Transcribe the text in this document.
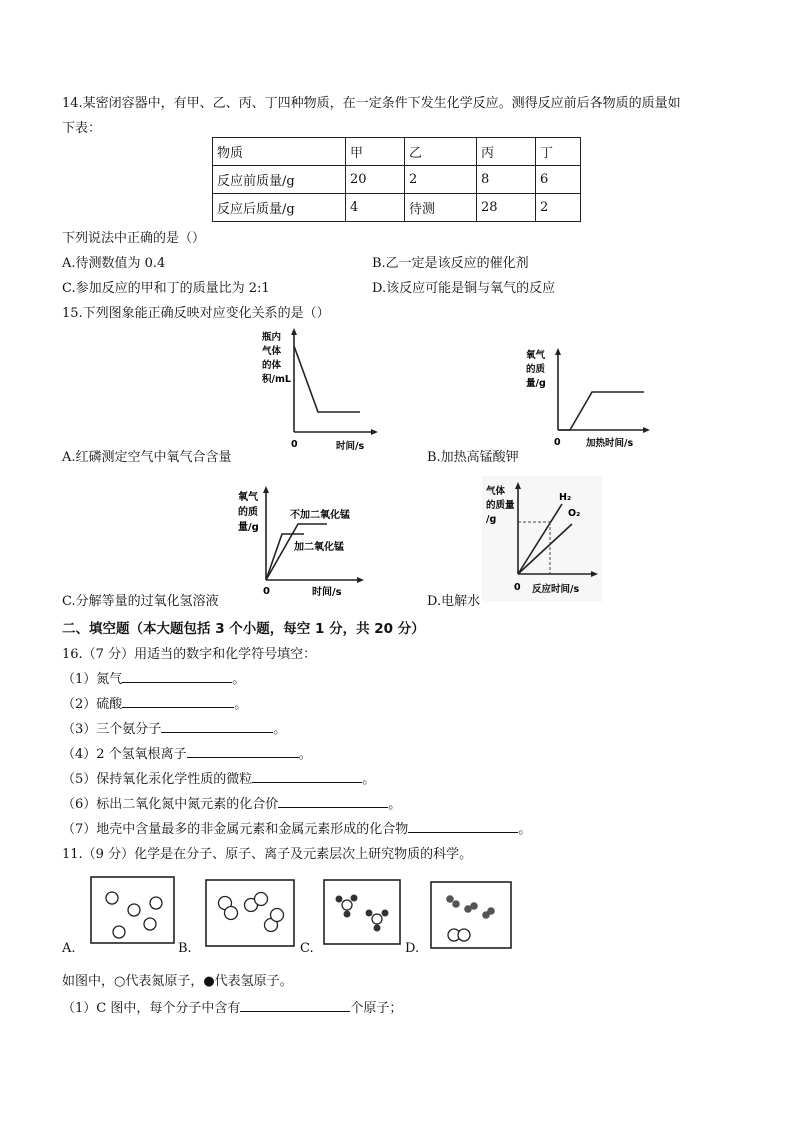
14.某密闭容器中，有甲、乙、丙、丁四种物质，在一定条件下发生化学反应。测得反应前后各物质的质量如
下表：
物质	甲	乙	丙	丁
反应前质量/g	20	2	8	6
反应后质量/g	4	待测	28	2
下列说法中正确的是（）
A.待测数值为 0.4	B.乙一定是该反应的催化剂
C.参加反应的甲和丁的质量比为 2:1	D.该反应可能是铜与氧气的反应
15.下列图象能正确反映对应变化关系的是（）
瓶内
气体
的体
积/mL
0	时间/s
A.红磷测定空气中氧气合含量
氧气
的质
量/g
0	加热时间/s
B.加热高锰酸钾
氧气
的质
量/g
不加二氧化锰
加二氧化锰
0	时间/s
C.分解等量的过氧化氢溶液
气体
的质量
/g
H₂
O₂
0 反应时间/s
D.电解水
二、填空题（本大题包括 3 个小题，每空 1 分，共 20 分）
16.（7 分）用适当的数字和化学符号填空：
（1）氮气	。
（2）硫酸	。
（3）三个氨分子	。
（4）2 个氢氧根离子	。
（5）保持氧化汞化学性质的微粒	。
（6）标出二氧化氮中氮元素的化合价	。
（7）地壳中含量最多的非金属元素和金属元素形成的化合物	。
11.（9 分）化学是在分子、原子、离子及元素层次上研究物质的科学。
A.	B.	C.	D.
如图中，○代表氮原子，●代表氢原子。
（1）C 图中，每个分子中含有	个原子；
